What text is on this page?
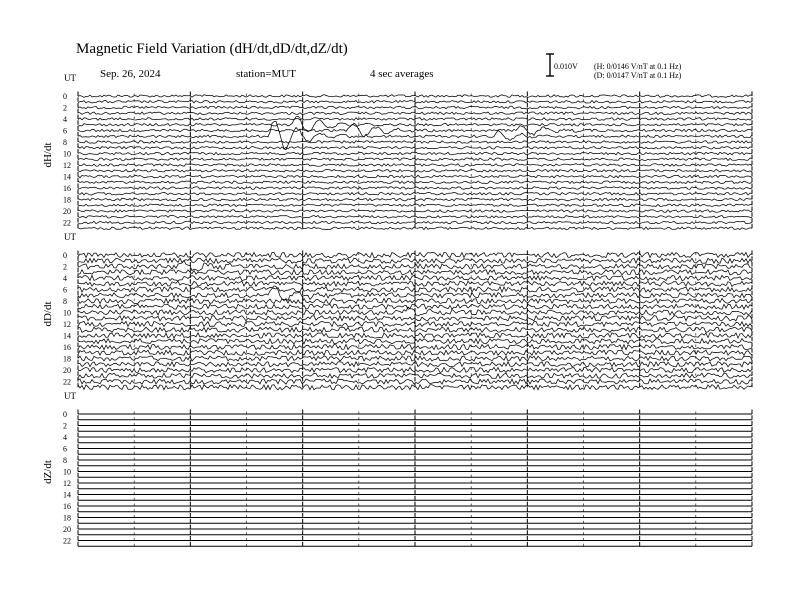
Magnetic Field Variation (dH/dt,dD/dt,dZ/dt)
Sep. 26, 2024	station=MUT	4 sec averages
0.010V (H: 0/0146 V/nT at 0.1 Hz)
(D: 0/0147 V/nT at 0.1 Hz)
UT
dH/dt
0
2
4
6
8
10
12
14
16
18
20
22
UT
dD/dt
0
2
4
6
8
10
12
14
16
18
20
22
UT
dZ/dt
0
2
4
6
8
10
12
14
16
18
20
22
